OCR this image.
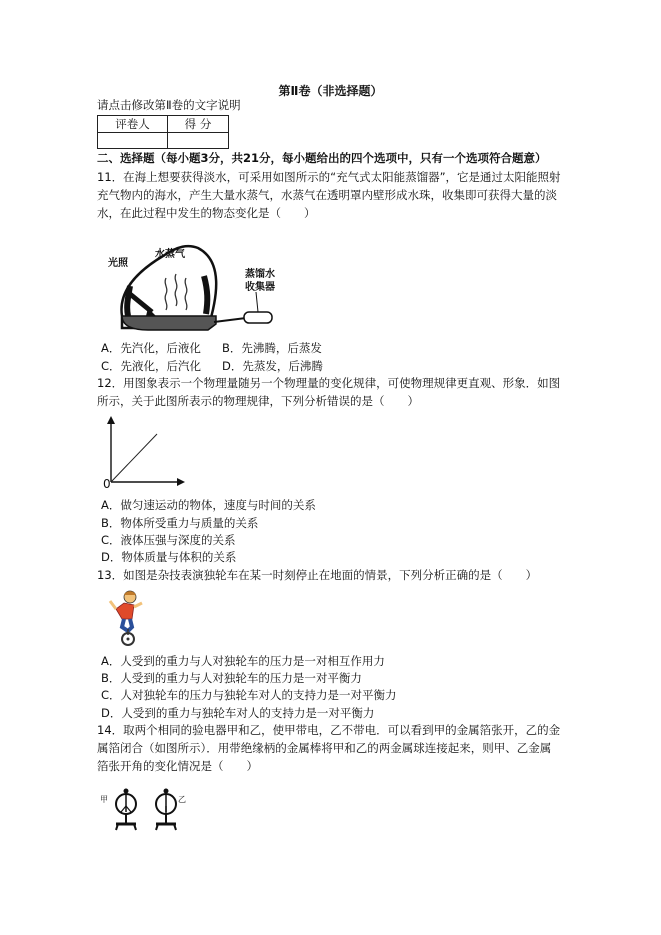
第Ⅱ卷（非选择题）
请点击修改第Ⅱ卷的文字说明
评卷人	得 分

二、选择题（每小题3分，共21分，每小题给出的四个选项中，只有一个选项符合题意）
11．在海上想要获得淡水，可采用如图所示的“充气式太阳能蒸馏器”，它是通过太阳能照射
充气物内的海水，产生大量水蒸气，水蒸气在透明罩内壁形成水珠，收集即可获得大量的淡
水，在此过程中发生的物态变化是（　　）
光照
水蒸气
蒸馏水
收集器
A．先汽化，后液化 B．先沸腾，后蒸发
C．先液化，后汽化 D．先蒸发，后沸腾
12．用图象表示一个物理量随另一个物理量的变化规律，可使物理规律更直观、形象．如图
所示，关于此图所表示的物理规律，下列分析错误的是（　　）
0
A．做匀速运动的物体，速度与时间的关系
B．物体所受重力与质量的关系
C．液体压强与深度的关系
D．物体质量与体积的关系
13．如图是杂技表演独轮车在某一时刻停止在地面的情景，下列分析正确的是（　　）
A．人受到的重力与人对独轮车的压力是一对相互作用力
B．人受到的重力与人对独轮车的压力是一对平衡力
C．人对独轮车的压力与独轮车对人的支持力是一对平衡力
D．人受到的重力与独轮车对人的支持力是一对平衡力
14．取两个相同的验电器甲和乙，使甲带电，乙不带电．可以看到甲的金属箔张开，乙的金
属箔闭合（如图所示）．用带绝缘柄的金属棒将甲和乙的两金属球连接起来，则甲、乙金属
箔张开角的变化情况是（　　）
甲	乙
